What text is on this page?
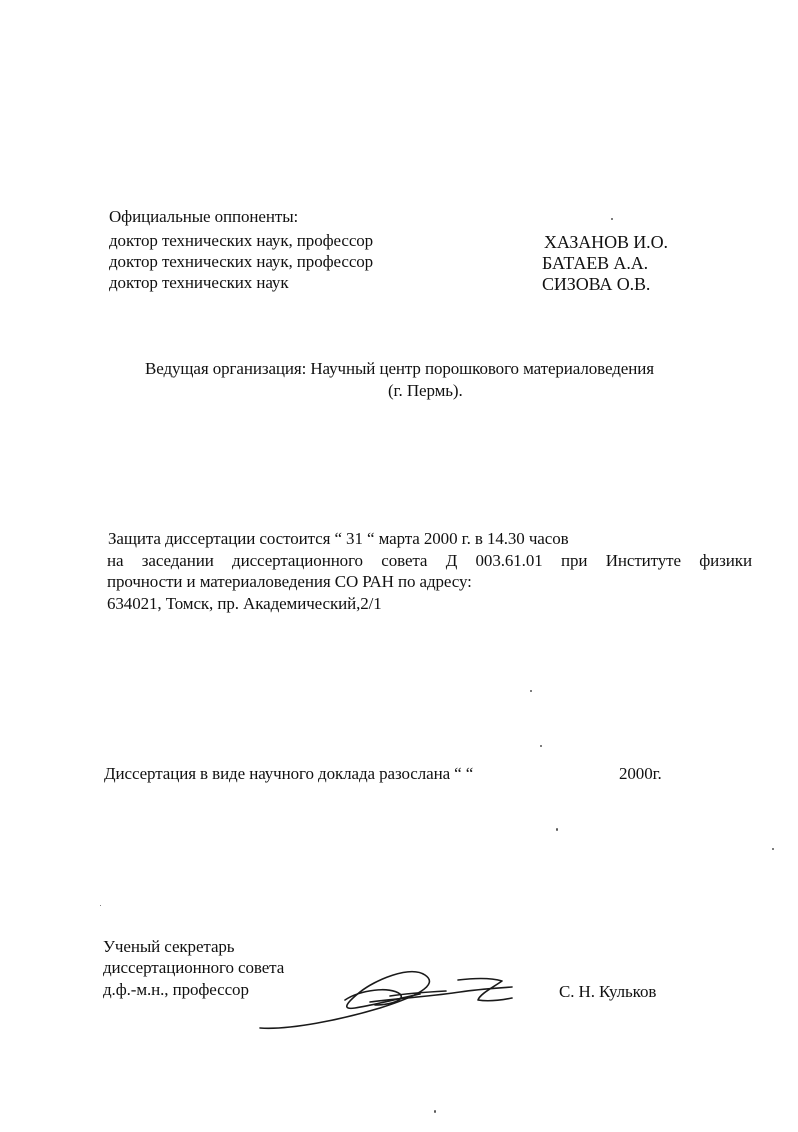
Официальные оппоненты:
доктор технических наук, профессор
доктор технических наук, профессор
доктор технических наук
ХАЗАНОВ И.О.
БАТАЕВ А.А.
СИЗОВА О.В.
Ведущая организация: Научный центр порошкового материаловедения
(г. Пермь).
Защита диссертации состоится “ 31 “ марта 2000 г. в 14.30 часов
на заседании диссертационного совета Д 003.61.01 при Институте физики
прочности и материаловедения СО РАН по адресу:
634021, Томск, пр. Академический,2/1
Диссертация в виде научного доклада разослана “ “	2000г.
Ученый секретарь
диссертационного совета
д.ф.-м.н., профессор	С. Н. Кульков
